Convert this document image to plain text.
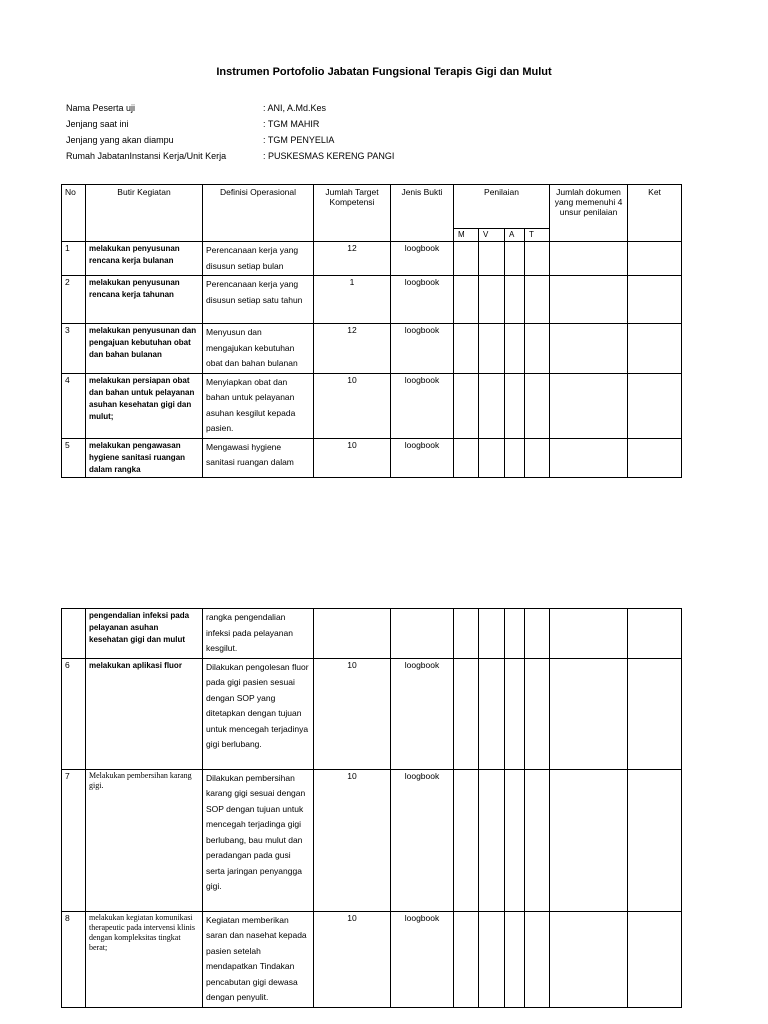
Instrumen Portofolio Jabatan Fungsional Terapis Gigi dan Mulut
Nama Peserta uji	: ANI, A.Md.Kes
Jenjang saat ini	: TGM MAHIR
Jenjang yang akan diampu	: TGM PENYELIA
Rumah JabatanInstansi Kerja/Unit Kerja	: PUSKESMAS KERENG PANGI
No	Butir Kegiatan	Definisi Operasional	Jumlah Target Kompetensi	Jenis Bukti	Penilaian				Jumlah dokumen yang memenuhi 4 unsur penilaian	Ket
					M	V	A	T		
1	melakukan penyusunan rencana kerja bulanan	Perencanaan kerja yang disusun setiap bulan	12	loogbook						
2	melakukan penyusunan rencana kerja tahunan	Perencanaan kerja yang disusun setiap satu tahun	1	loogbook						
3	melakukan penyusunan dan pengajuan kebutuhan obat dan bahan bulanan	Menyusun dan mengajukan kebutuhan obat dan bahan bulanan	12	loogbook						
4	melakukan persiapan obat dan bahan untuk pelayanan asuhan kesehatan gigi dan mulut;	Menyiapkan obat dan bahan untuk pelayanan asuhan kesgilut kepada pasien.	10	loogbook						
5	melakukan pengawasan hygiene sanitasi ruangan dalam rangka	Mengawasi hygiene sanitasi ruangan dalam	10	loogbook						
	pengendalian infeksi pada pelayanan asuhan kesehatan gigi dan mulut	rangka pengendalian infeksi pada pelayanan kesgilut.								
6	melakukan aplikasi fluor	Dilakukan pengolesan fluor pada gigi pasien sesuai dengan SOP yang ditetapkan dengan tujuan untuk mencegah terjadinya gigi berlubang.	10	loogbook						
7	Melakukan pembersihan karang gigi.	Dilakukan pembersihan karang gigi sesuai dengan SOP dengan tujuan untuk mencegah terjadinga gigi berlubang, bau mulut dan peradangan pada gusi serta jaringan penyangga gigi.	10	loogbook						
8	melakukan kegiatan komunikasi therapeutic pada intervensi klinis dengan kompleksitas tingkat berat;	Kegiatan memberikan saran dan nasehat kepada pasien setelah mendapatkan Tindakan pencabutan gigi dewasa dengan penyulit.	10	loogbook						
